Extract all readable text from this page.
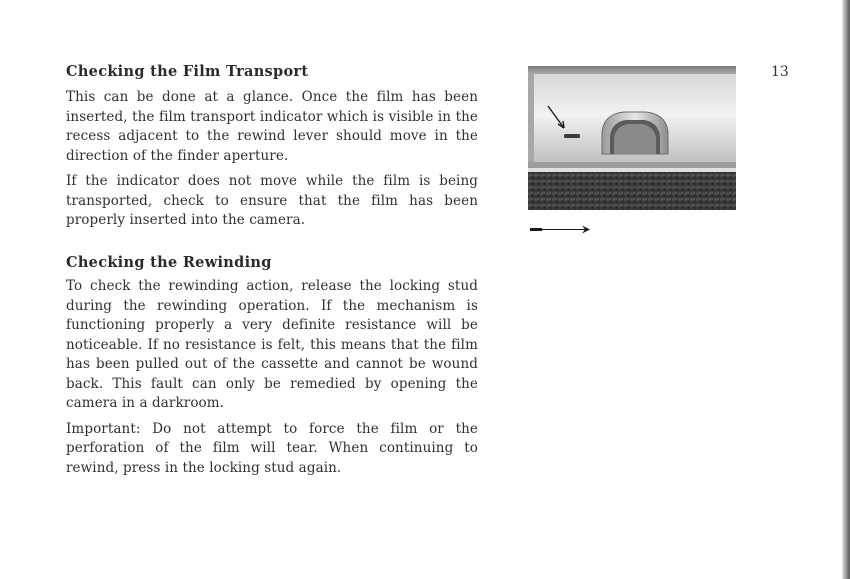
13
Checking the Film Transport

This can be done at a glance. Once the film has been inserted, the film transport indicator which is visible in the recess adjacent to the rewind lever should move in the direction of the finder aperture.

If the indicator does not move while the film is being transported, check to ensure that the film has been properly inserted into the camera.

Checking the Rewinding

To check the rewinding action, release the locking stud during the rewinding operation. If the mechanism is functioning properly a very definite resistance will be noticeable. If no resistance is felt, this means that the film has been pulled out of the cassette and cannot be wound back. This fault can only be remedied by opening the camera in a darkroom.

Important: Do not attempt to force the film or the perforation of the film will tear. When continuing to rewind, press in the locking stud again.
